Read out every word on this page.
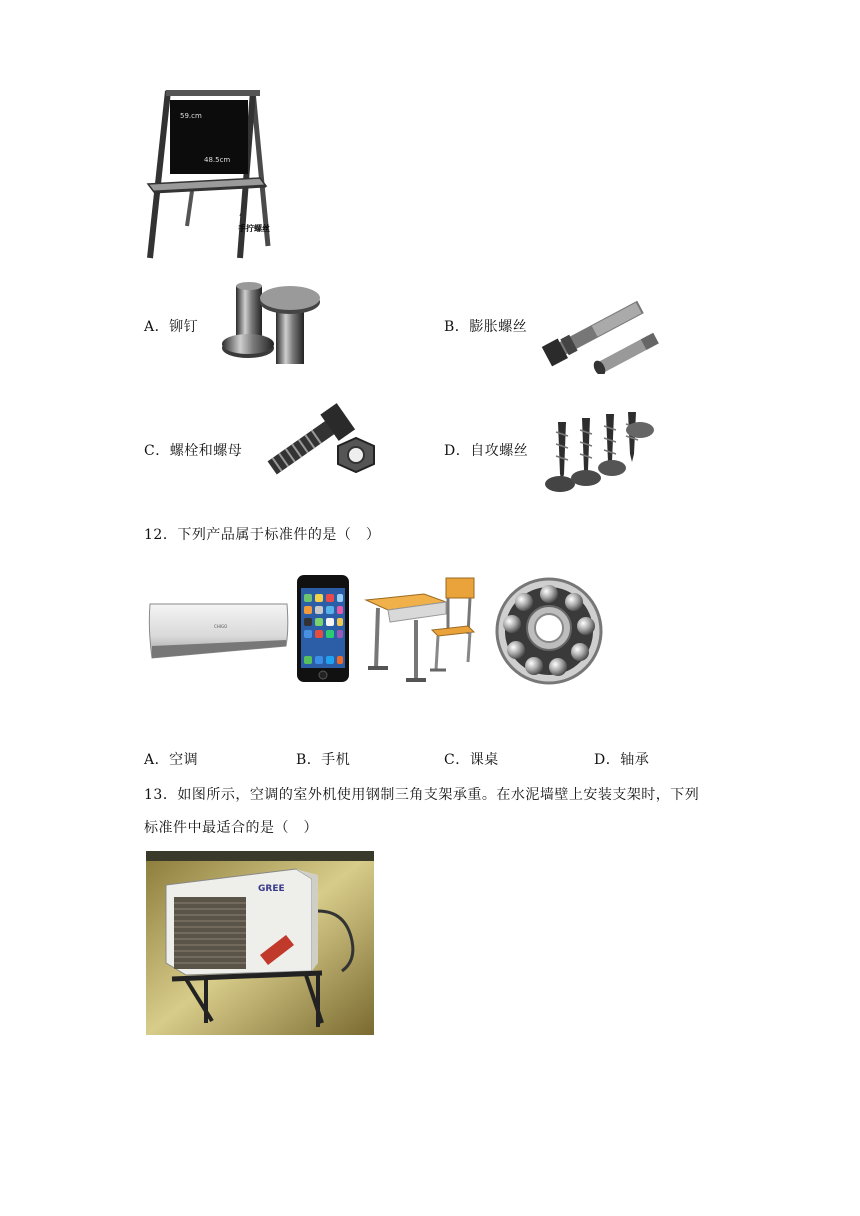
59.cm
48.5cm
手拧螺丝
A．铆钉	B．膨胀螺丝
C．螺栓和螺母	D．自攻螺丝
12．下列产品属于标准件的是（　）
CHIGO
A．空调	B．手机	C．课桌	D．轴承
13．如图所示，空调的室外机使用钢制三角支架承重。在水泥墙壁上安装支架时，下列
标准件中最适合的是（　）
GREE
